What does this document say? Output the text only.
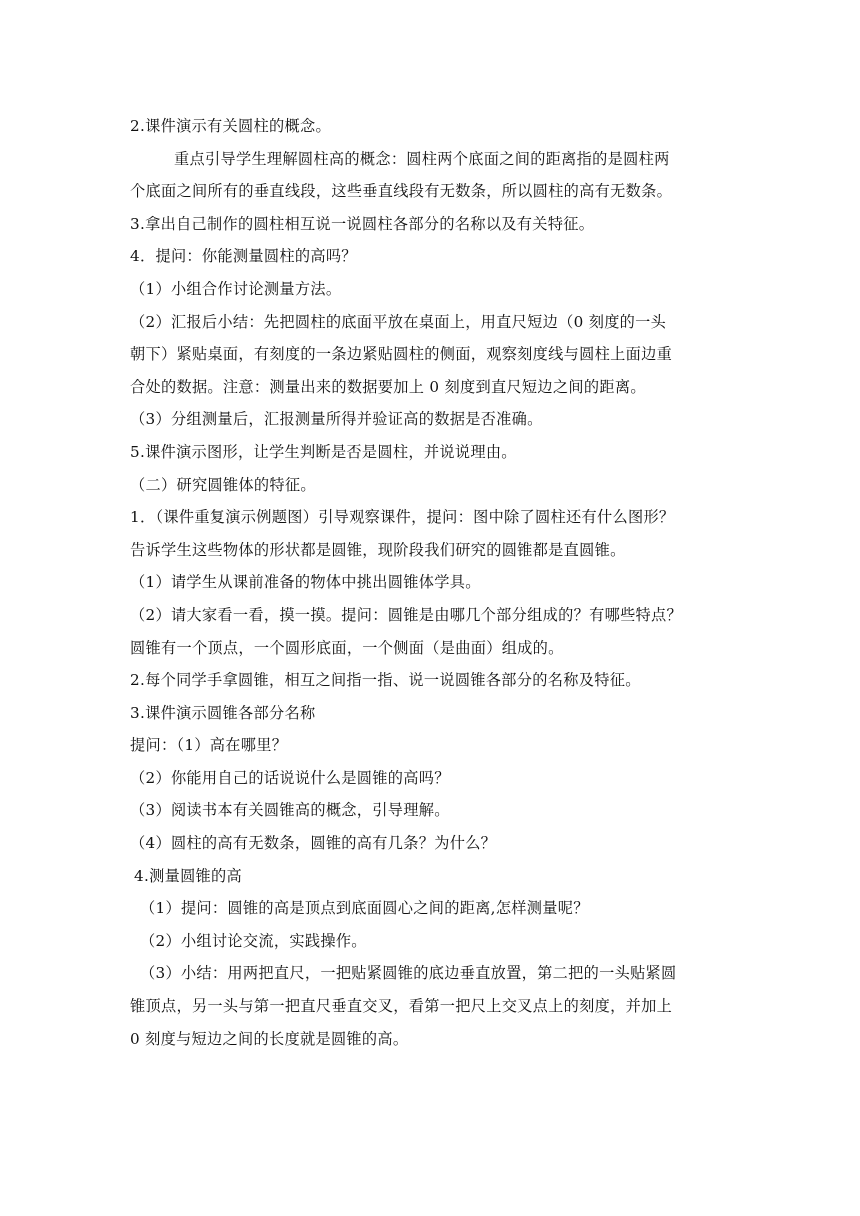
2.课件演示有关圆柱的概念。
重点引导学生理解圆柱高的概念：圆柱两个底面之间的距离指的是圆柱两
个底面之间所有的垂直线段，这些垂直线段有无数条，所以圆柱的高有无数条。
3.拿出自己制作的圆柱相互说一说圆柱各部分的名称以及有关特征。
4．提问：你能测量圆柱的高吗？
（1）小组合作讨论测量方法。
（2）汇报后小结：先把圆柱的底面平放在桌面上，用直尺短边（0 刻度的一头
朝下）紧贴桌面，有刻度的一条边紧贴圆柱的侧面，观察刻度线与圆柱上面边重
合处的数据。注意：测量出来的数据要加上 0 刻度到直尺短边之间的距离。
（3）分组测量后，汇报测量所得并验证高的数据是否准确。
5.课件演示图形，让学生判断是否是圆柱，并说说理由。
（二）研究圆锥体的特征。
1．（课件重复演示例题图）引导观察课件，提问：图中除了圆柱还有什么图形？
告诉学生这些物体的形状都是圆锥，现阶段我们研究的圆锥都是直圆锥。
（1）请学生从课前准备的物体中挑出圆锥体学具。
（2）请大家看一看，摸一摸。提问：圆锥是由哪几个部分组成的？有哪些特点？
圆锥有一个顶点，一个圆形底面，一个侧面（是曲面）组成的。
2.每个同学手拿圆锥，相互之间指一指、说一说圆锥各部分的名称及特征。
3.课件演示圆锥各部分名称
提问：（1）高在哪里？
（2）你能用自己的话说说什么是圆锥的高吗？
（3）阅读书本有关圆锥高的概念，引导理解。
（4）圆柱的高有无数条，圆锥的高有几条？为什么？
4.测量圆锥的高
（1）提问：圆锥的高是顶点到底面圆心之间的距离,怎样测量呢？
（2）小组讨论交流，实践操作。
（3）小结：用两把直尺，一把贴紧圆锥的底边垂直放置，第二把的一头贴紧圆
锥顶点，另一头与第一把直尺垂直交叉，看第一把尺上交叉点上的刻度，并加上
0 刻度与短边之间的长度就是圆锥的高。
